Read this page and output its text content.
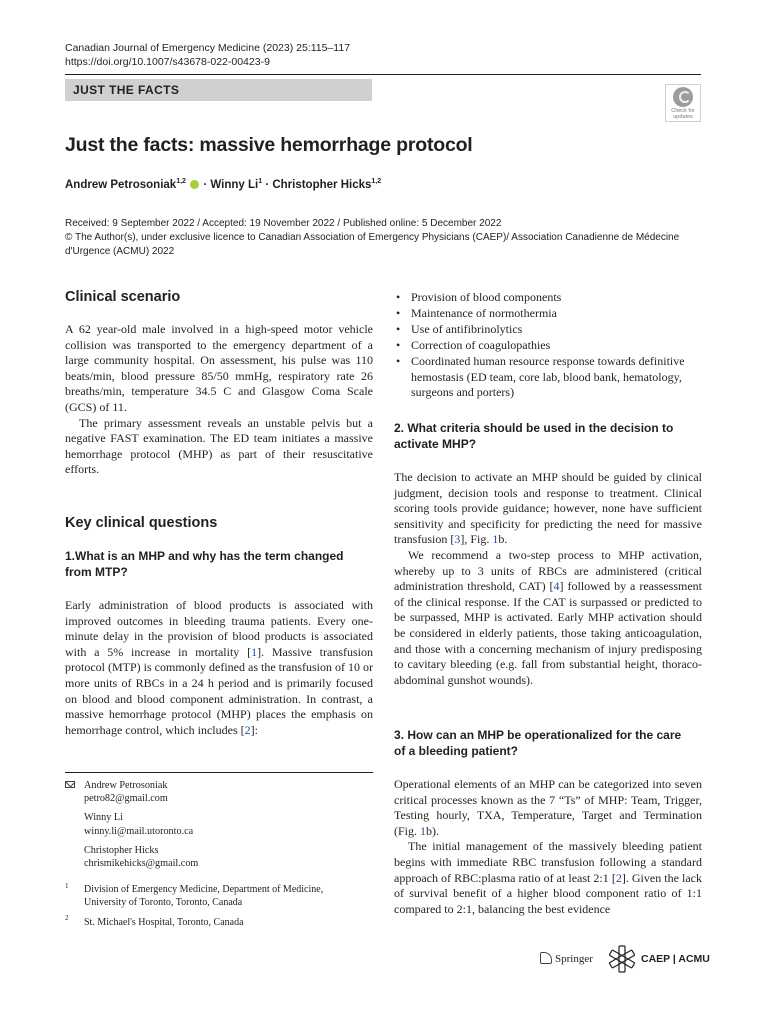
Canadian Journal of Emergency Medicine (2023) 25:115–117
https://doi.org/10.1007/s43678-022-00423-9
JUST THE FACTS
Check for updates
Just the facts: massive hemorrhage protocol
Andrew Petrosoniak$^{1,2}$  · Winny $Li^1$ · Christopher Hicks$^{1,2}$
Received: 9 September 2022 / Accepted: 19 November 2022 / Published online: 5 December 2022
© The Author(s), under exclusive licence to Canadian Association of Emergency Physicians (CAEP)/ Association Canadienne de Médecine d'Urgence (ACMU) 2022
Clinical scenario

A 62 year-old male involved in a high-speed motor vehicle collision was transported to the emergency department of a large community hospital. On assessment, his pulse was 110 beats/min, blood pressure 85/50 mmHg, respiratory rate 26 breaths/min, temperature 34.5 C and Glasgow Coma Scale (GCS) of 11.

The primary assessment reveals an unstable pelvis but a negative FAST examination. The ED team initiates a massive hemorrhage protocol (MHP) as part of their resuscitative efforts.

Key clinical questions
1.What is an MHP and why has the term changed from MTP?

Early administration of blood products is associated with improved outcomes in bleeding trauma patients. Every one-minute delay in the provision of blood products is associated with a 5% increase in mortality [1]. Massive transfusion protocol (MTP) is commonly defined as the transfusion of 10 or more units of RBCs in a 24 h period and is primarily focused on blood and blood component administration. In contrast, a massive hemorrhage protocol (MHP) places the emphasis on hemorrhage control, which includes [2]:

Andrew Petrosoniak
petro82@gmail.com
Winny Li
winny.li@mail.utoronto.ca
Christopher Hicks
chrismikehicks@gmail.com
1 Division of Emergency Medicine, Department of Medicine, University of Toronto, Toronto, Canada
2 St. Michael's Hospital, Toronto, Canada
• Provision of blood components
• Maintenance of normothermia
• Use of antifibrinolytics
• Correction of coagulopathies
• Coordinated human resource response towards definitive hemostasis (ED team, core lab, blood bank, hematology, surgeons and porters)
2. What criteria should be used in the decision to activate MHP?

The decision to activate an MHP should be guided by clinical judgment, decision tools and response to treatment. Clinical scoring tools provide guidance; however, none have sufficient sensitivity and specificity for predicting the need for massive transfusion [3], Fig. 1b.

We recommend a two-step process to MHP activation, whereby up to 3 units of RBCs are administered (critical administration threshold, CAT) [4] followed by a reassessment of the clinical response. If the CAT is surpassed or predicted to be surpassed, MHP is activated. Early MHP activation should be considered in elderly patients, those taking anticoagulation, and those with a concerning mechanism of injury predisposing to cavitary bleeding (e.g. fall from substantial height, thoraco-abdominal gunshot wounds).

3. How can an MHP be operationalized for the care of a bleeding patient?

Operational elements of an MHP can be categorized into seven critical processes known as the 7 “Ts” of MHP: Team, Trigger, Testing hourly, TXA, Temperature, Target and Termination (Fig. 1b).

The initial management of the massively bleeding patient begins with immediate RBC transfusion following a standard approach of RBC:plasma ratio of at least 2:1 [2]. Given the lack of survival benefit of a higher blood component ratio of 1:1 compared to 2:1, balancing the best evidence

Springer	CAEP | ACMU
